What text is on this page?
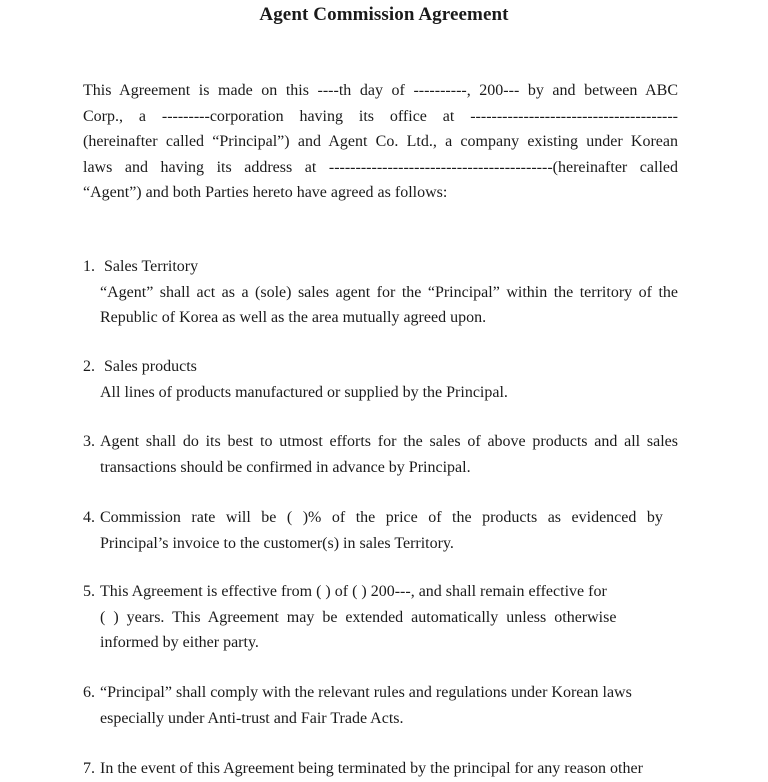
Agent Commission Agreement
This Agreement is made on this ----th day of ----------, 200--- by and between ABC
Corp., a ---------corporation having its office at ---------------------------------------
(hereinafter called “Principal”) and Agent Co. Ltd., a company existing under Korean
laws and having its address at ------------------------------------------(hereinafter called
“Agent”) and both Parties hereto have agreed as follows:
1. Sales Territory
“Agent” shall act as a (sole) sales agent for the “Principal” within the territory of the
Republic of Korea as well as the area mutually agreed upon.
2. Sales products
All lines of products manufactured or supplied by the Principal.
3. Agent shall do its best to utmost efforts for the sales of above products and all sales
transactions should be confirmed in advance by Principal.
4. Commission rate will be ( )% of the price of the products as evidenced by
Principal’s invoice to the customer(s) in sales Territory.
5. This Agreement is effective from ( ) of ( ) 200---, and shall remain effective for
( ) years. This Agreement may be extended automatically unless otherwise
informed by either party.
6. “Principal” shall comply with the relevant rules and regulations under Korean laws
especially under Anti-trust and Fair Trade Acts.
7. In the event of this Agreement being terminated by the principal for any reason other
